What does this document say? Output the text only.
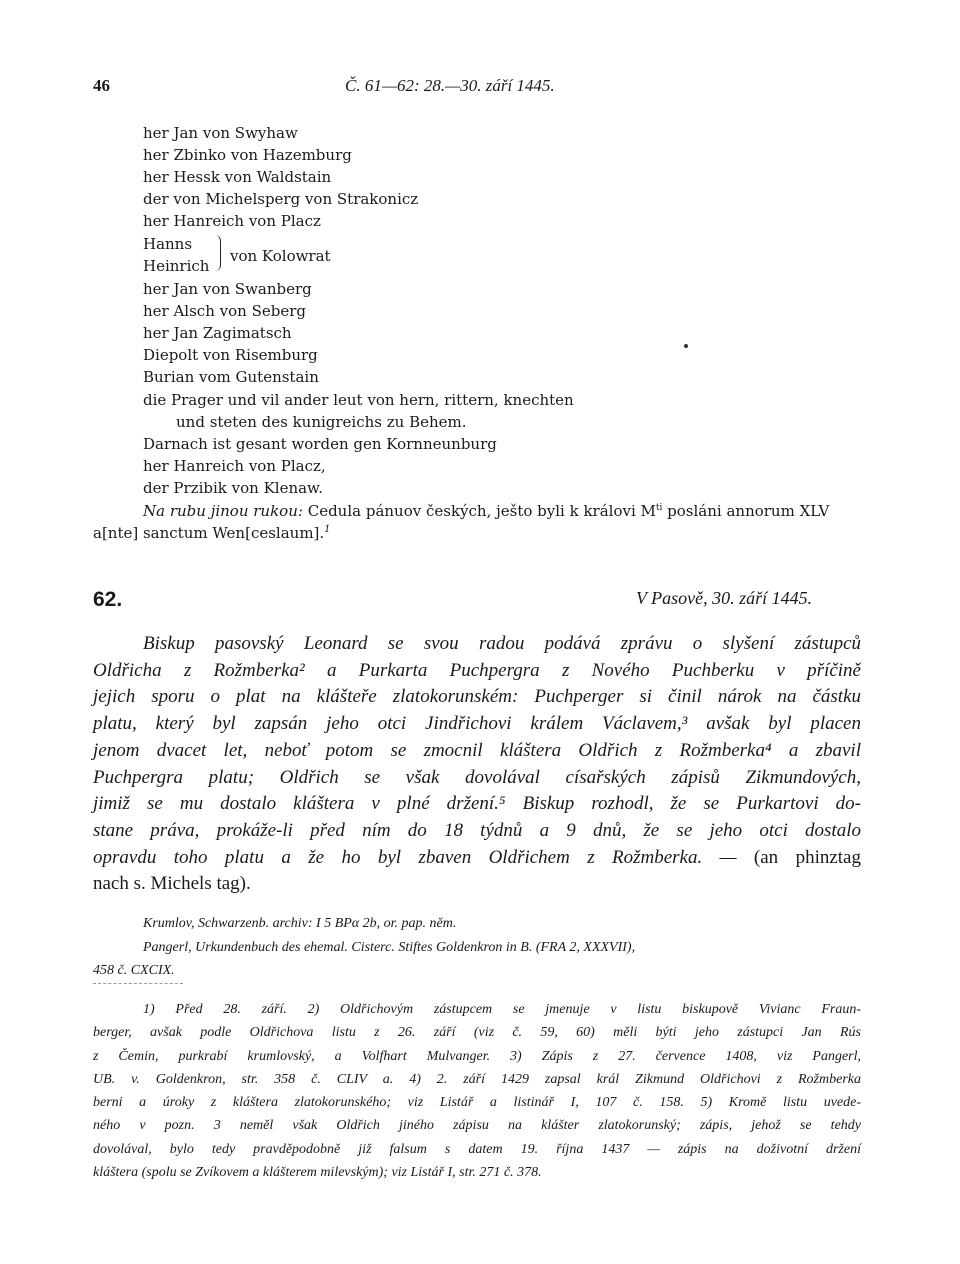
46	Č. 61—62: 28.—30. září 1445.
her Jan von Swyhaw
her Zbinko von Hazemburg
her Hessk von Waldstain
der von Michelsperg von Strakonicz
her Hanreich von Placz
Hanns
Heinrich
von Kolowrat
her Jan von Swanberg
her Alsch von Seberg
her Jan Zagimatsch
Diepolt von Risemburg
Burian vom Gutenstain
die Prager und vil ander leut von hern, rittern, knechten
und steten des kunigreichs zu Behem.
Darnach ist gesant worden gen Kornneunburg
her Hanreich von Placz,
der Przibik von Klenaw.
Na rubu jinou rukou: Cedula pánuov českých, ješto byli k královi $M^{ti}$ posláni annorum XLV
a[nte] sanctum Wen[ceslaum].$^1$
62.	V Pasově, 30. září 1445.
Biskup pasovský Leonard se svou radou podává zprávu o slyšení zástupců
Oldřicha z Rožmberka² a Purkarta Puchpergra z Nového Puchberku v příčině
jejich sporu o plat na klášteře zlatokorunském: Puchperger si činil nárok na částku
platu, který byl zapsán jeho otci Jindřichovi králem Václavem,³ avšak byl placen
jenom dvacet let, neboť potom se zmocnil kláštera Oldřich z Rožmberka⁴ a zbavil
Puchpergra platu; Oldřich se však dovolával císařských zápisů Zikmundových,
jimiž se mu dostalo kláštera v plné držení.⁵ Biskup rozhodl, že se Purkartovi do-
stane práva, prokáže-li před ním do 18 týdnů a 9 dnů, že se jeho otci dostalo
opravdu toho platu a že ho byl zbaven Oldřichem z Rožmberka. — (an phinztag
nach s. Michels tag).
Krumlov, Schwarzenb. archiv: I 5 BPα 2b, or. pap. něm.
Pangerl, Urkundenbuch des ehemal. Cisterc. Stiftes Goldenkron in B. (FRA 2, XXXVII),
458 č. CXCIX.
1) Před 28. září. 2) Oldřichovým zástupcem se jmenuje v listu biskupově Vivianc Fraun-
berger, avšak podle Oldřichova listu z 26. září (viz č. 59, 60) měli býti jeho zástupci Jan Rús
z Čemin, purkrabí krumlovský, a Volfhart Mulvanger. 3) Zápis z 27. července 1408, viz Pangerl,
UB. v. Goldenkron, str. 358 č. CLIV a. 4) 2. září 1429 zapsal král Zikmund Oldřichovi z Rožmberka
berni a úroky z kláštera zlatokorunského; viz Listář a listinář I, 107 č. 158. 5) Kromě listu uvede-
ného v pozn. 3 neměl však Oldřich jiného zápisu na klášter zlatokorunský; zápis, jehož se tehdy
dovolával, bylo tedy pravděpodobně již falsum s datem 19. října 1437 — zápis na doživotní držení
kláštera (spolu se Zvíkovem a klášterem milevským); viz Listář I, str. 271 č. 378.
